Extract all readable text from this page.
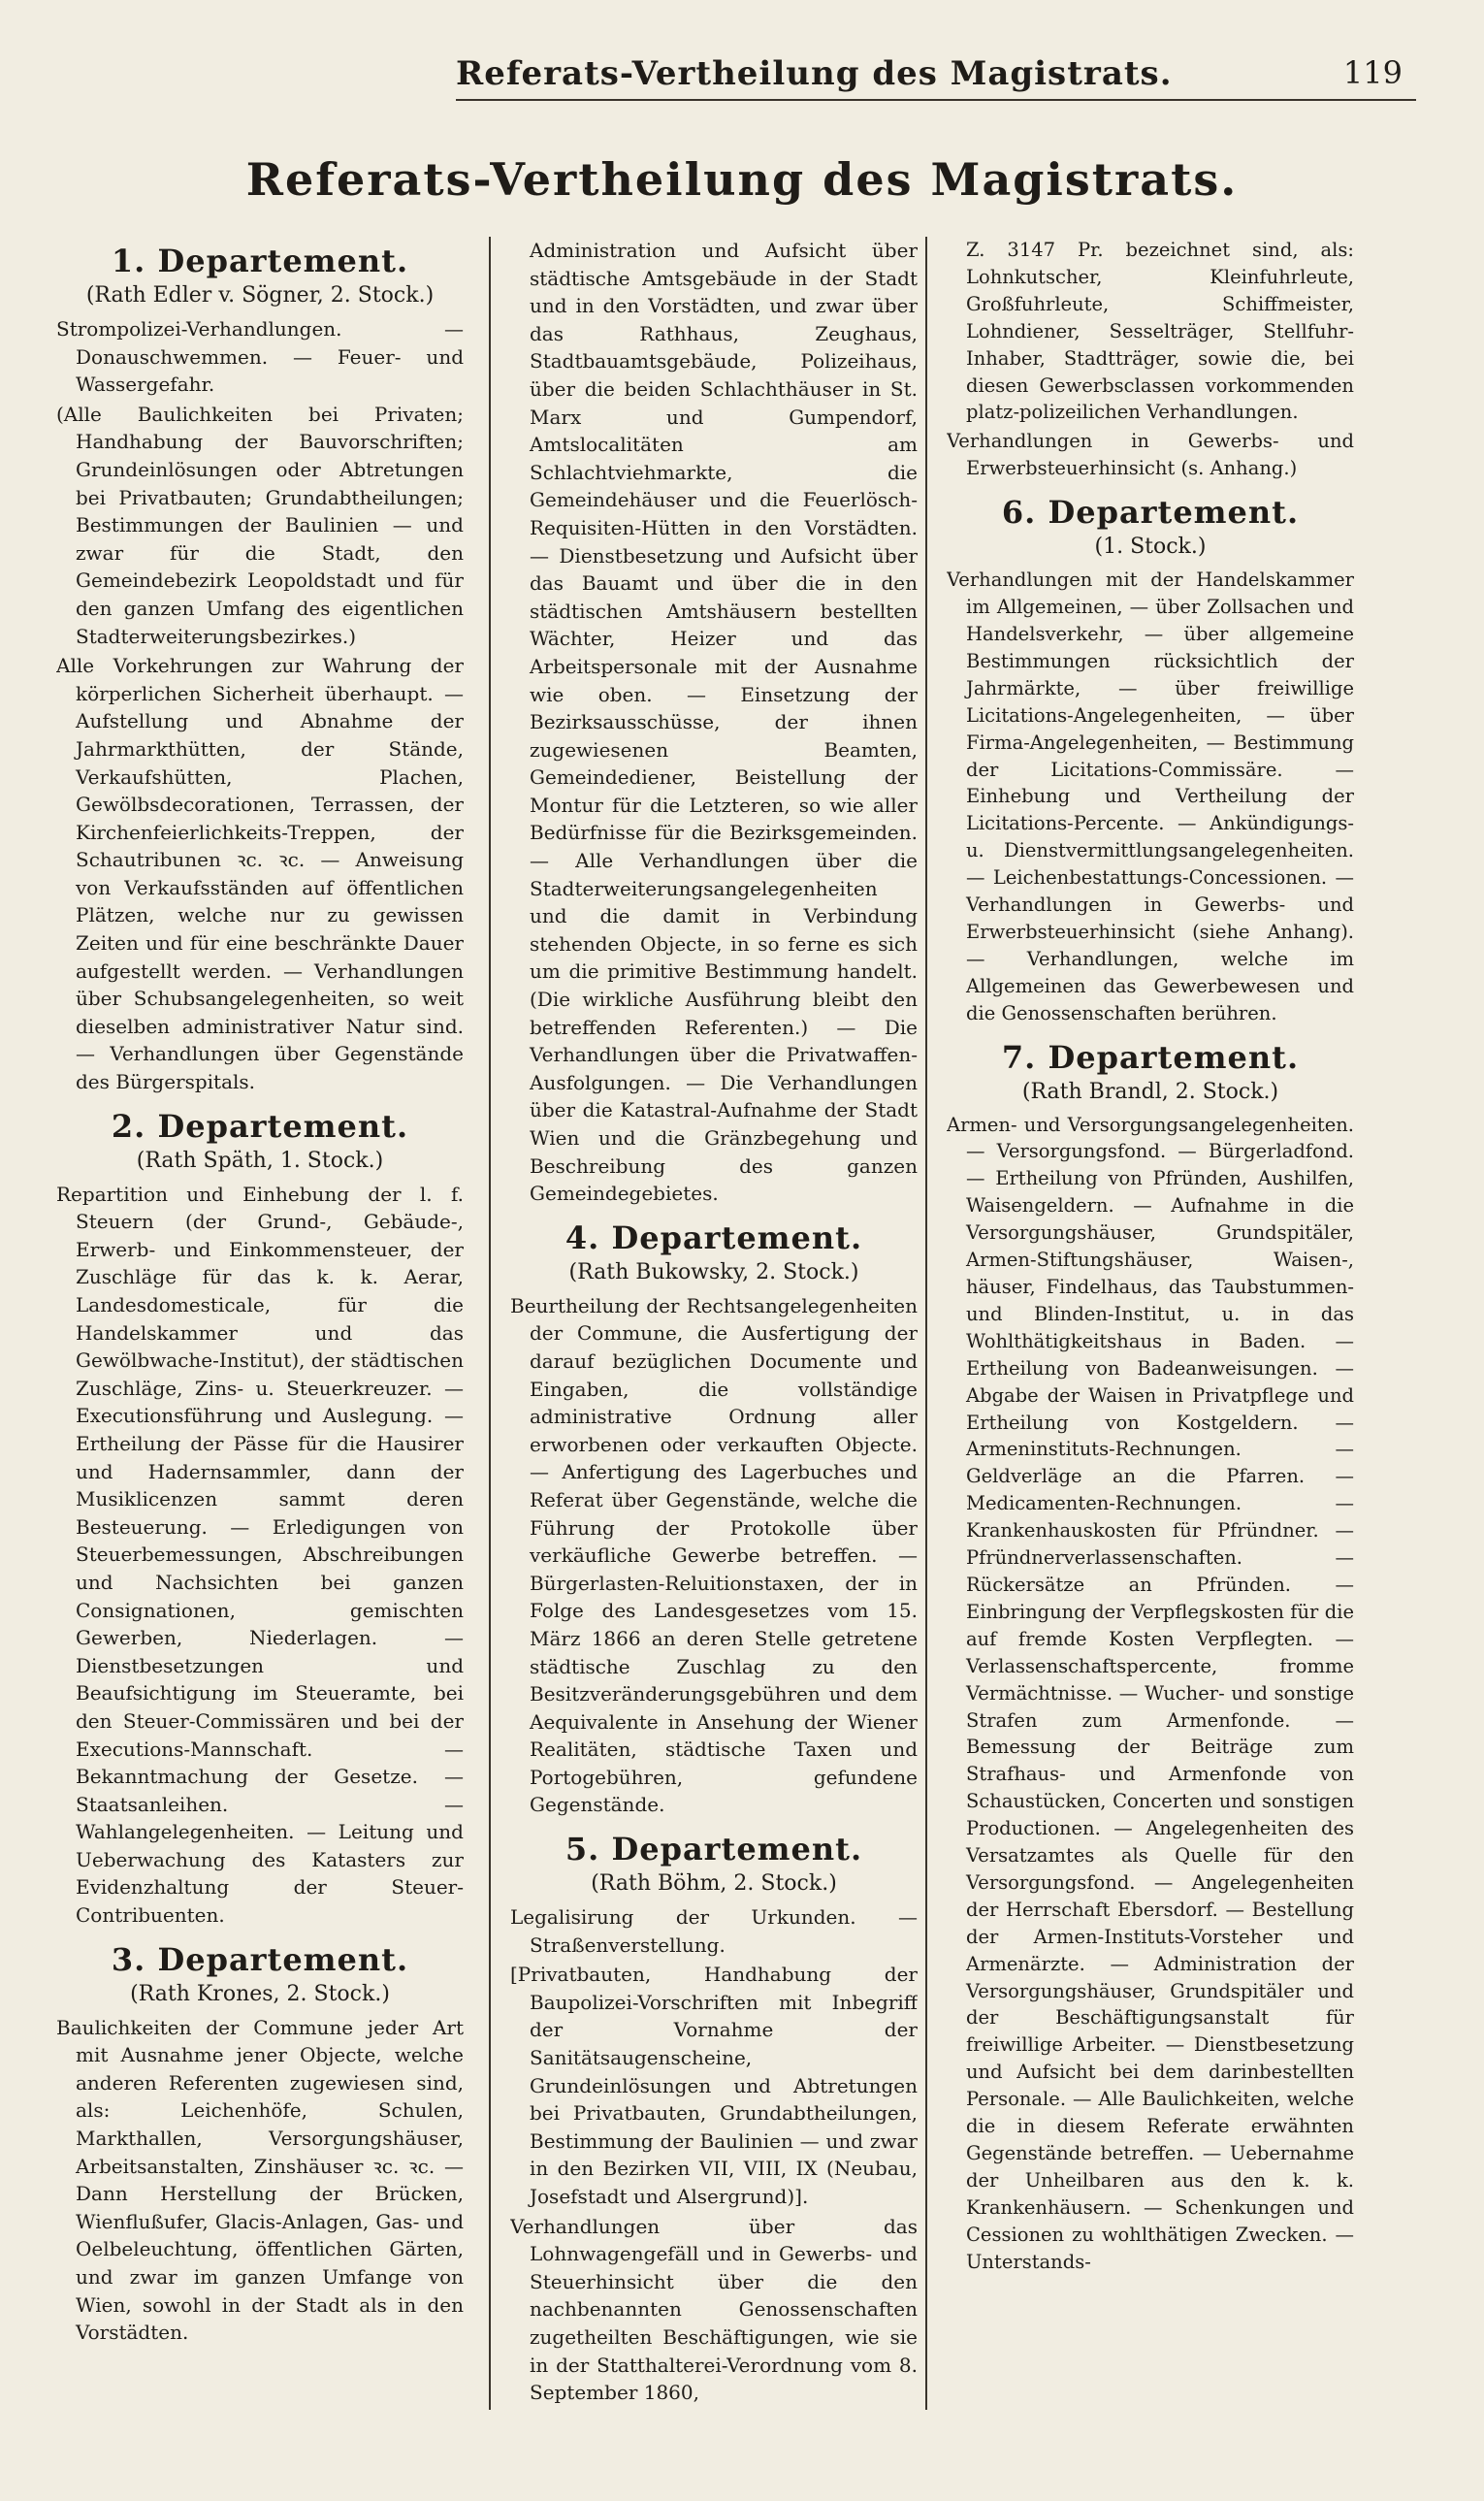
Referats-Vertheilung des Magistrats.	119
Referats-Vertheilung des Magistrats.
1. Departement.
(Rath Edler v. Sögner, 2. Stock.)

Strompolizei-Verhandlungen. — Donauschwemmen. — Feuer- und Wassergefahr.

(Alle Baulichkeiten bei Privaten; Handhabung der Bauvorschriften; Grundeinlösungen oder Abtretungen bei Privatbauten; Grundabtheilungen; Bestimmungen der Baulinien — und zwar für die Stadt, den Gemeindebezirk Leopoldstadt und für den ganzen Umfang des eigentlichen Stadterweiterungsbezirkes.)

Alle Vorkehrungen zur Wahrung der körperlichen Sicherheit überhaupt. — Aufstellung und Abnahme der Jahrmarkthütten, der Stände, Verkaufshütten, Plachen, Gewölbsdecorationen, Terrassen, der Kirchenfeierlichkeits-Treppen, der Schautribunen ꝛc. ꝛc. — Anweisung von Verkaufsständen auf öffentlichen Plätzen, welche nur zu gewissen Zeiten und für eine beschränkte Dauer aufgestellt werden. — Verhandlungen über Schubsangelegenheiten, so weit dieselben administrativer Natur sind. — Verhandlungen über Gegenstände des Bürgerspitals.

2. Departement.
(Rath Späth, 1. Stock.)

Repartition und Einhebung der l. f. Steuern (der Grund-, Gebäude-, Erwerb- und Einkommensteuer, der Zuschläge für das k. k. Aerar, Landesdomesticale, für die Handelskammer und das Gewölbwache-Institut), der städtischen Zuschläge, Zins- u. Steuerkreuzer. — Executionsführung und Auslegung. — Ertheilung der Pässe für die Hausirer und Hadernsammler, dann der Musiklicenzen sammt deren Besteuerung. — Erledigungen von Steuerbemessungen, Abschreibungen und Nachsichten bei ganzen Consignationen, gemischten Gewerben, Niederlagen. — Dienstbesetzungen und Beaufsichtigung im Steueramte, bei den Steuer-Commissären und bei der Executions-Mannschaft. — Bekanntmachung der Gesetze. — Staatsanleihen. — Wahlangelegenheiten. — Leitung und Ueberwachung des Katasters zur Evidenzhaltung der Steuer-Contribuenten.

3. Departement.
(Rath Krones, 2. Stock.)

Baulichkeiten der Commune jeder Art mit Ausnahme jener Objecte, welche anderen Referenten zugewiesen sind, als: Leichenhöfe, Schulen, Markthallen, Versorgungshäuser, Arbeitsanstalten, Zinshäuser ꝛc. ꝛc. — Dann Herstellung der Brücken, Wienflußufer, Glacis-Anlagen, Gas- und Oelbeleuchtung, öffentlichen Gärten, und zwar im ganzen Umfange von Wien, sowohl in der Stadt als in den Vorstädten.

Administration und Aufsicht über städtische Amtsgebäude in der Stadt und in den Vorstädten, und zwar über das Rathhaus, Zeughaus, Stadtbauamtsgebäude, Polizeihaus, über die beiden Schlachthäuser in St. Marx und Gumpendorf, Amtslocalitäten am Schlachtviehmarkte, die Gemeindehäuser und die Feuerlösch-Requisiten-Hütten in den Vorstädten. — Dienstbesetzung und Aufsicht über das Bauamt und über die in den städtischen Amtshäusern bestellten Wächter, Heizer und das Arbeitspersonale mit der Ausnahme wie oben. — Einsetzung der Bezirksausschüsse, der ihnen zugewiesenen Beamten, Gemeindediener, Beistellung der Montur für die Letzteren, so wie aller Bedürfnisse für die Bezirksgemeinden. — Alle Verhandlungen über die Stadterweiterungsangelegenheiten und die damit in Verbindung stehenden Objecte, in so ferne es sich um die primitive Bestimmung handelt. (Die wirkliche Ausführung bleibt den betreffenden Referenten.) — Die Verhandlungen über die Privatwaffen-Ausfolgungen. — Die Verhandlungen über die Katastral-Aufnahme der Stadt Wien und die Gränzbegehung und Beschreibung des ganzen Gemeindegebietes.

4. Departement.
(Rath Bukowsky, 2. Stock.)

Beurtheilung der Rechtsangelegenheiten der Commune, die Ausfertigung der darauf bezüglichen Documente und Eingaben, die vollständige administrative Ordnung aller erworbenen oder verkauften Objecte. — Anfertigung des Lagerbuches und Referat über Gegenstände, welche die Führung der Protokolle über verkäufliche Gewerbe betreffen. — Bürgerlasten-Reluitionstaxen, der in Folge des Landesgesetzes vom 15. März 1866 an deren Stelle getretene städtische Zuschlag zu den Besitzveränderungsgebühren und dem Aequivalente in Ansehung der Wiener Realitäten, städtische Taxen und Portogebühren, gefundene Gegenstände.

5. Departement.
(Rath Böhm, 2. Stock.)

Legalisirung der Urkunden. — Straßenverstellung.

[Privatbauten, Handhabung der Baupolizei-Vorschriften mit Inbegriff der Vornahme der Sanitätsaugenscheine, Grundeinlösungen und Abtretungen bei Privatbauten, Grundabtheilungen, Bestimmung der Baulinien — und zwar in den Bezirken VII, VIII, IX (Neubau, Josefstadt und Alsergrund)].

Verhandlungen über das Lohnwagengefäll und in Gewerbs- und Steuerhinsicht über die den nachbenannten Genossenschaften zugetheilten Beschäftigungen, wie sie in der Statthalterei-Verordnung vom 8. September 1860,

Z. 3147 Pr. bezeichnet sind, als: Lohnkutscher, Kleinfuhrleute, Großfuhrleute, Schiffmeister, Lohndiener, Sesselträger, Stellfuhr-Inhaber, Stadtträger, sowie die, bei diesen Gewerbsclassen vorkommenden platz-polizeilichen Verhandlungen.

Verhandlungen in Gewerbs- und Erwerbsteuerhinsicht (s. Anhang.)

6. Departement.
(1. Stock.)

Verhandlungen mit der Handelskammer im Allgemeinen, — über Zollsachen und Handelsverkehr, — über allgemeine Bestimmungen rücksichtlich der Jahrmärkte, — über freiwillige Licitations-Angelegenheiten, — über Firma-Angelegenheiten, — Bestimmung der Licitations-Commissäre. — Einhebung und Vertheilung der Licitations-Percente. — Ankündigungs- u. Dienstvermittlungsangelegenheiten. — Leichenbestattungs-Concessionen. — Verhandlungen in Gewerbs- und Erwerbsteuerhinsicht (siehe Anhang). — Verhandlungen, welche im Allgemeinen das Gewerbewesen und die Genossenschaften berühren.

7. Departement.
(Rath Brandl, 2. Stock.)

Armen- und Versorgungsangelegenheiten. — Versorgungsfond. — Bürgerladfond. — Ertheilung von Pfründen, Aushilfen, Waisengeldern. — Aufnahme in die Versorgungshäuser, Grundspitäler, Armen-Stiftungshäuser, Waisen-, häuser, Findelhaus, das Taubstummen- und Blinden-Institut, u. in das Wohlthätigkeitshaus in Baden. — Ertheilung von Badeanweisungen. — Abgabe der Waisen in Privatpflege und Ertheilung von Kostgeldern. — Armeninstituts-Rechnungen. — Geldverläge an die Pfarren. — Medicamenten-Rechnungen. — Krankenhauskosten für Pfründner. — Pfründnerverlassenschaften. — Rückersätze an Pfründen. — Einbringung der Verpflegskosten für die auf fremde Kosten Verpflegten. — Verlassenschaftspercente, fromme Vermächtnisse. — Wucher- und sonstige Strafen zum Armenfonde. — Bemessung der Beiträge zum Strafhaus- und Armenfonde von Schaustücken, Concerten und sonstigen Productionen. — Angelegenheiten des Versatzamtes als Quelle für den Versorgungsfond. — Angelegenheiten der Herrschaft Ebersdorf. — Bestellung der Armen-Instituts-Vorsteher und Armenärzte. — Administration der Versorgungshäuser, Grundspitäler und der Beschäftigungsanstalt für freiwillige Arbeiter. — Dienstbesetzung und Aufsicht bei dem darinbestellten Personale. — Alle Baulichkeiten, welche die in diesem Referate erwähnten Gegenstände betreffen. — Uebernahme der Unheilbaren aus den k. k. Krankenhäusern. — Schenkungen und Cessionen zu wohlthätigen Zwecken. — Unterstands-
